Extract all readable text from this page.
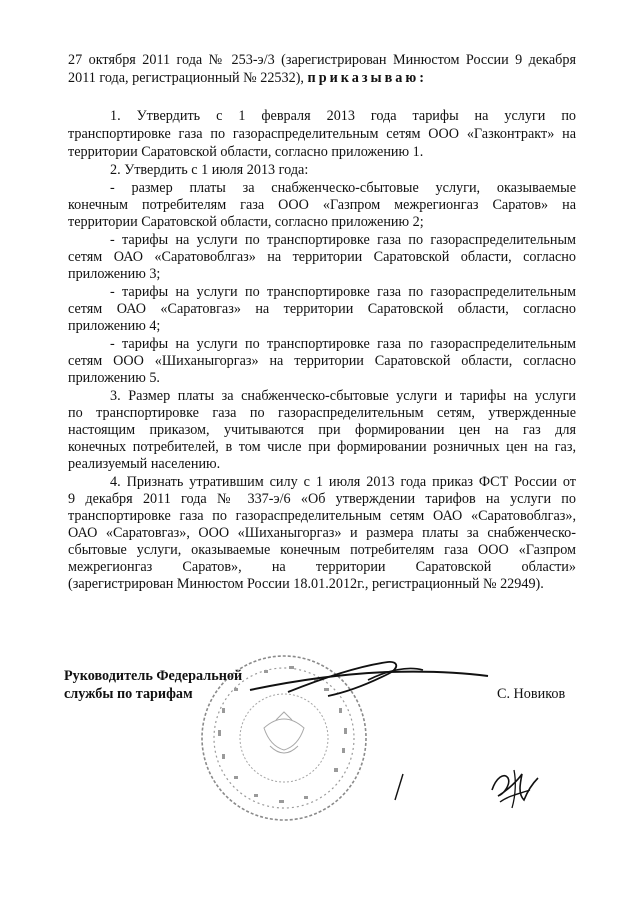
27 октября 2011 года № 253-э/3 (зарегистрирован Минюстом России 9 декабря
2011 года, регистрационный № 22532), приказываю:
1. Утвердить с 1 февраля 2013 года тарифы на услуги по
транспортировке газа по газораспределительным сетям ООО «Газконтракт» на
территории Саратовской области, согласно приложению 1.
2. Утвердить с 1 июля 2013 года:
- размер платы за снабженческо-сбытовые услуги, оказываемые
конечным потребителям газа ООО «Газпром межрегионгаз Саратов» на
территории Саратовской области, согласно приложению 2;
- тарифы на услуги по транспортировке газа по газораспределительным
сетям ОАО «Саратовоблгаз» на территории Саратовской области, согласно
приложению 3;
- тарифы на услуги по транспортировке газа по газораспределительным
сетям ОАО «Саратовгаз» на территории Саратовской области, согласно
приложению 4;
- тарифы на услуги по транспортировке газа по газораспределительным
сетям ООО «Шиханыгоргаз» на территории Саратовской области, согласно
приложению 5.
3. Размер платы за снабженческо-сбытовые услуги и тарифы на услуги
по транспортировке газа по газораспределительным сетям, утвержденные
настоящим приказом, учитываются при формировании цен на газ для
конечных потребителей, в том числе при формировании розничных цен на газ,
реализуемый населению.
4. Признать утратившим силу с 1 июля 2013 года приказ ФСТ России от
9 декабря 2011 года № 337-э/6 «Об утверждении тарифов на услуги по
транспортировке газа по газораспределительным сетям ОАО «Саратовоблгаз»,
ОАО «Саратовгаз», ООО «Шиханыгоргаз» и размера платы за снабженческо-
сбытовые услуги, оказываемые конечным потребителям газа ООО «Газпром
межрегионгаз Саратов», на территории Саратовской области»
(зарегистрирован Минюстом России 18.01.2012г., регистрационный № 22949).
Руководитель Федеральной
службы по тарифам	С. Новиков
